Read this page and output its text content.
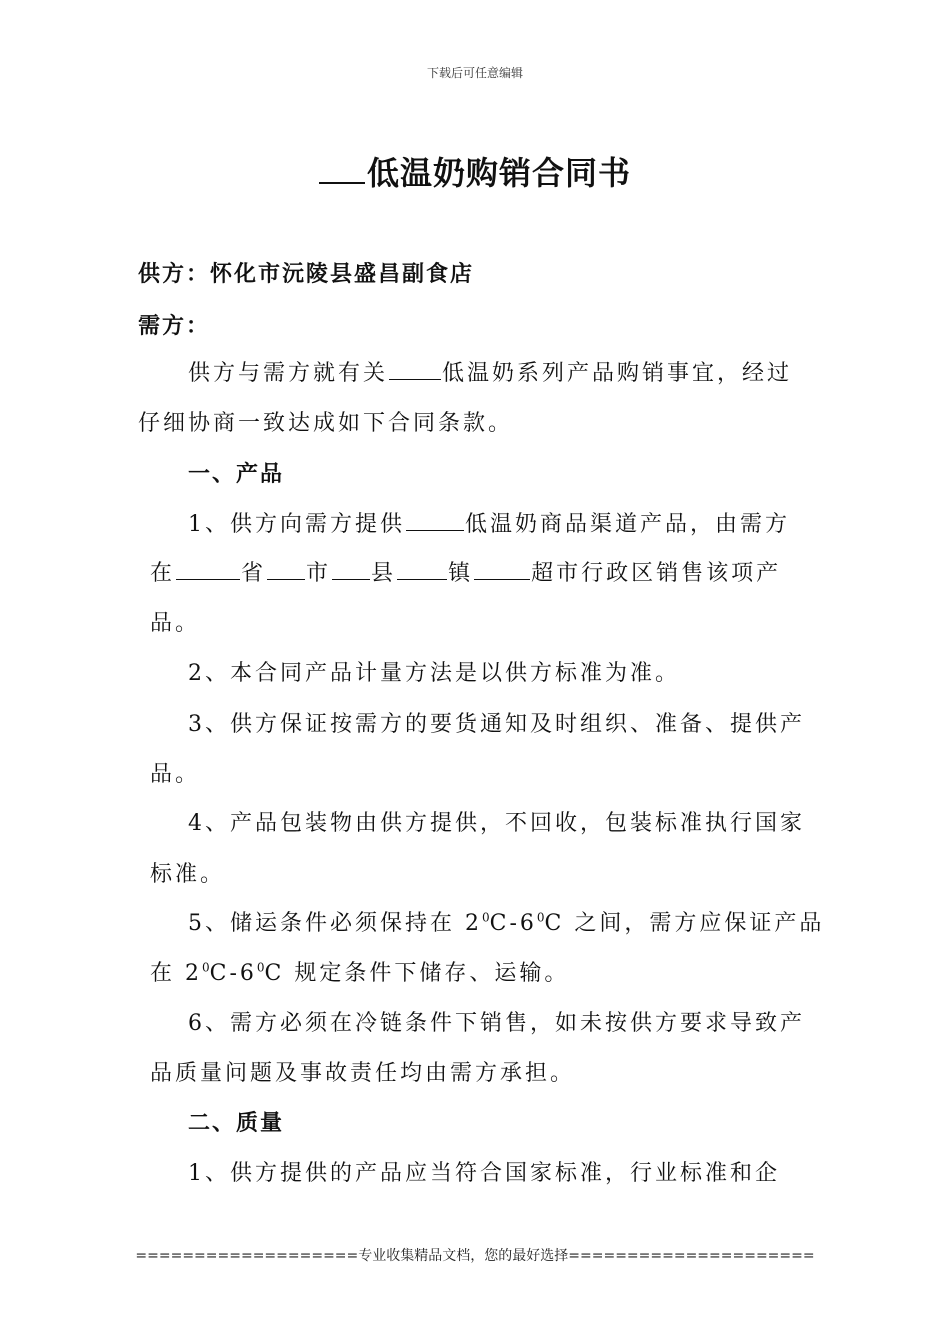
下载后可任意编辑
低温奶购销合同书
供方：怀化市沅陵县盛昌副食店
需方：
供方与需方就有关 低温奶系列产品购销事宜，经过
仔细协商一致达成如下合同条款。
一、产品
1、供方向需方提供	低温奶商品渠道产品，由需方
在	省 市 县 镇	超市行政区销售该项产
品。
2、本合同产品计量方法是以供方标准为准。
3、供方保证按需方的要货通知及时组织、准备、提供产
品。
4、产品包装物由供方提供，不回收，包装标准执行国家
标准。
5、储运条件必须保持在 $2^0C-6^0C$ 之间，需方应保证产品
在 $2^0C-6^0C$ 规定条件下储存、运输。
6、需方必须在冷链条件下销售，如未按供方要求导致产
品质量问题及事故责任均由需方承担。
二、质量
1、供方提供的产品应当符合国家标准，行业标准和企
===================专业收集精品文档，您的最好选择=====================
